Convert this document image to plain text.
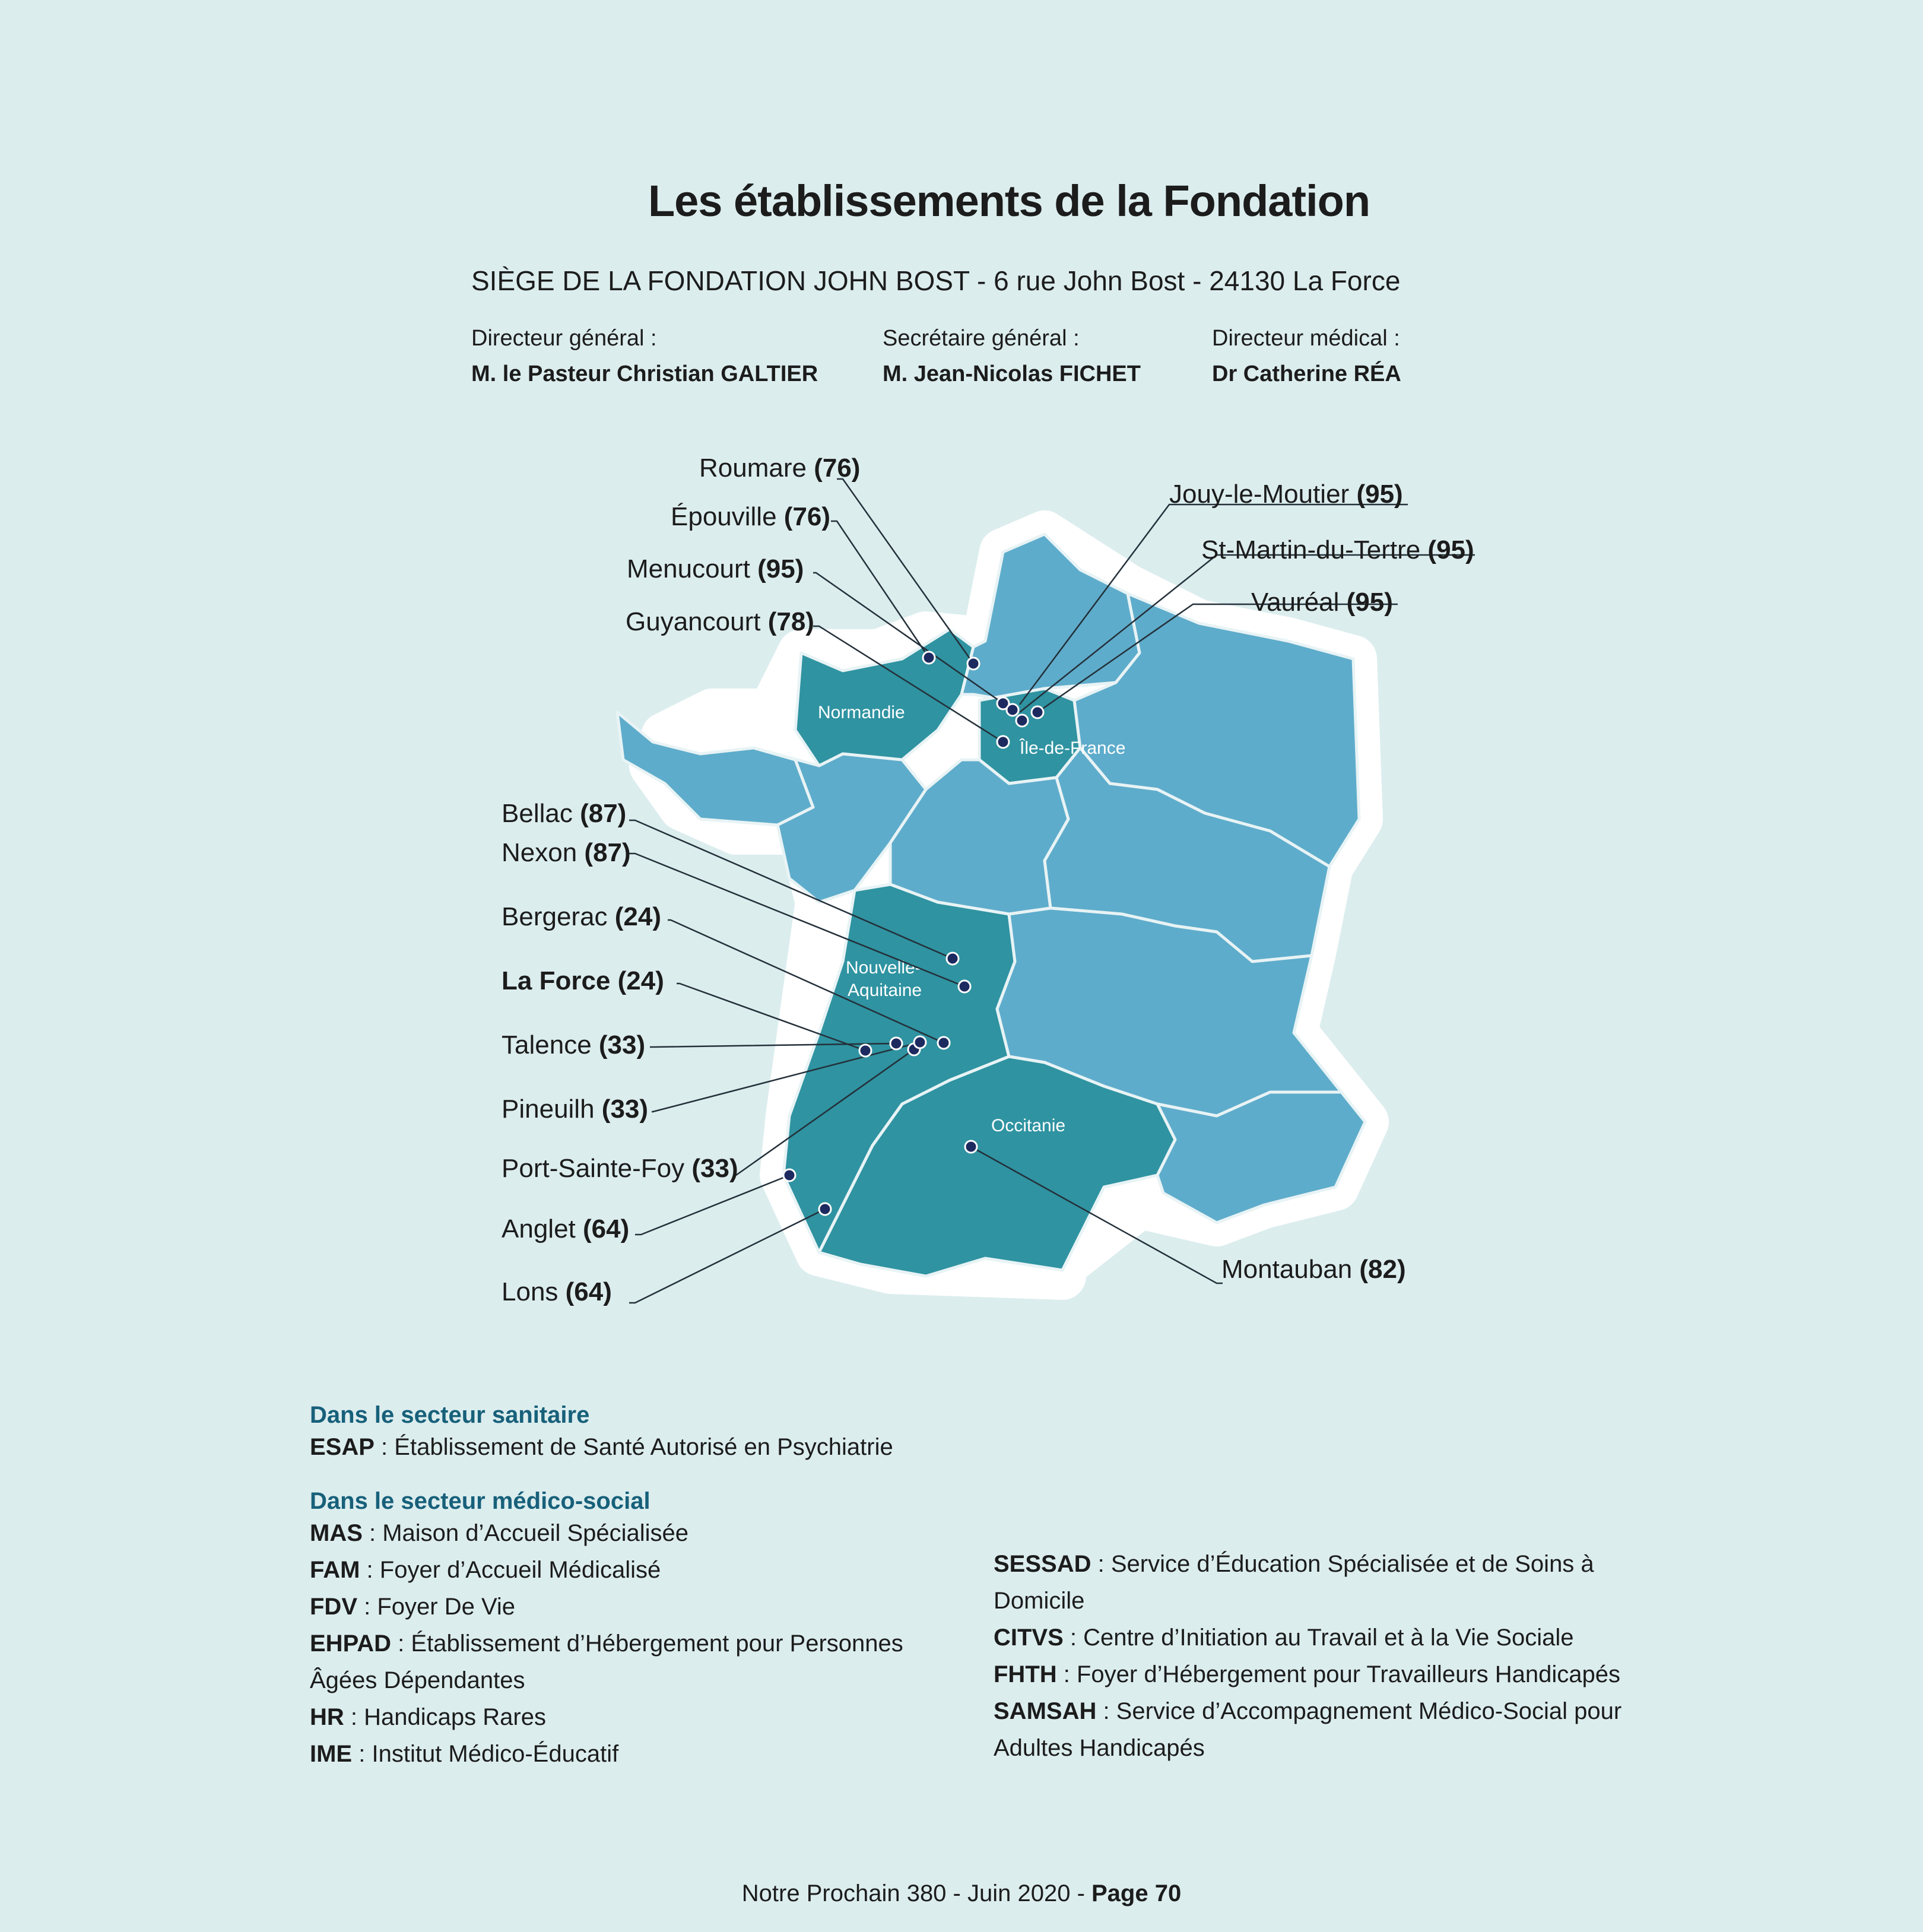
Les établissements de la Fondation
SIÈGE DE LA FONDATION JOHN BOST - 6 rue John Bost - 24130 La Force
Directeur général :
M. le Pasteur Christian GALTIER
Secrétaire général :
M. Jean-Nicolas FICHET
Directeur médical :
Dr Catherine RÉA
Normandie
Île-de-France
Nouvelle-
Aquitaine
Occitanie
Roumare (76)
Épouville (76)
Menucourt (95)
Guyancourt (78)
Jouy-le-Moutier (95)
St-Martin-du-Tertre (95)
Vauréal (95)
Bellac (87)
Nexon (87)
Bergerac (24)
La Force (24)
Talence (33)
Pineuilh (33)
Port-Sainte-Foy (33)
Anglet (64)
Lons (64)
Montauban (82)
Dans le secteur sanitaire
ESAP : Établissement de Santé Autorisé en Psychiatrie
Dans le secteur médico-social
MAS : Maison d’Accueil Spécialisée
FAM : Foyer d’Accueil Médicalisé
FDV : Foyer De Vie
EHPAD : Établissement d’Hébergement pour Personnes Âgées Dépendantes
HR : Handicaps Rares
IME : Institut Médico-Éducatif
SESSAD : Service d’Éducation Spécialisée et de Soins à Domicile
CITVS : Centre d’Initiation au Travail et à la Vie Sociale
FHTH : Foyer d’Hébergement pour Travailleurs Handicapés
SAMSAH : Service d’Accompagnement Médico-Social pour Adultes Handicapés
Notre Prochain 380 - Juin 2020 - Page 70
